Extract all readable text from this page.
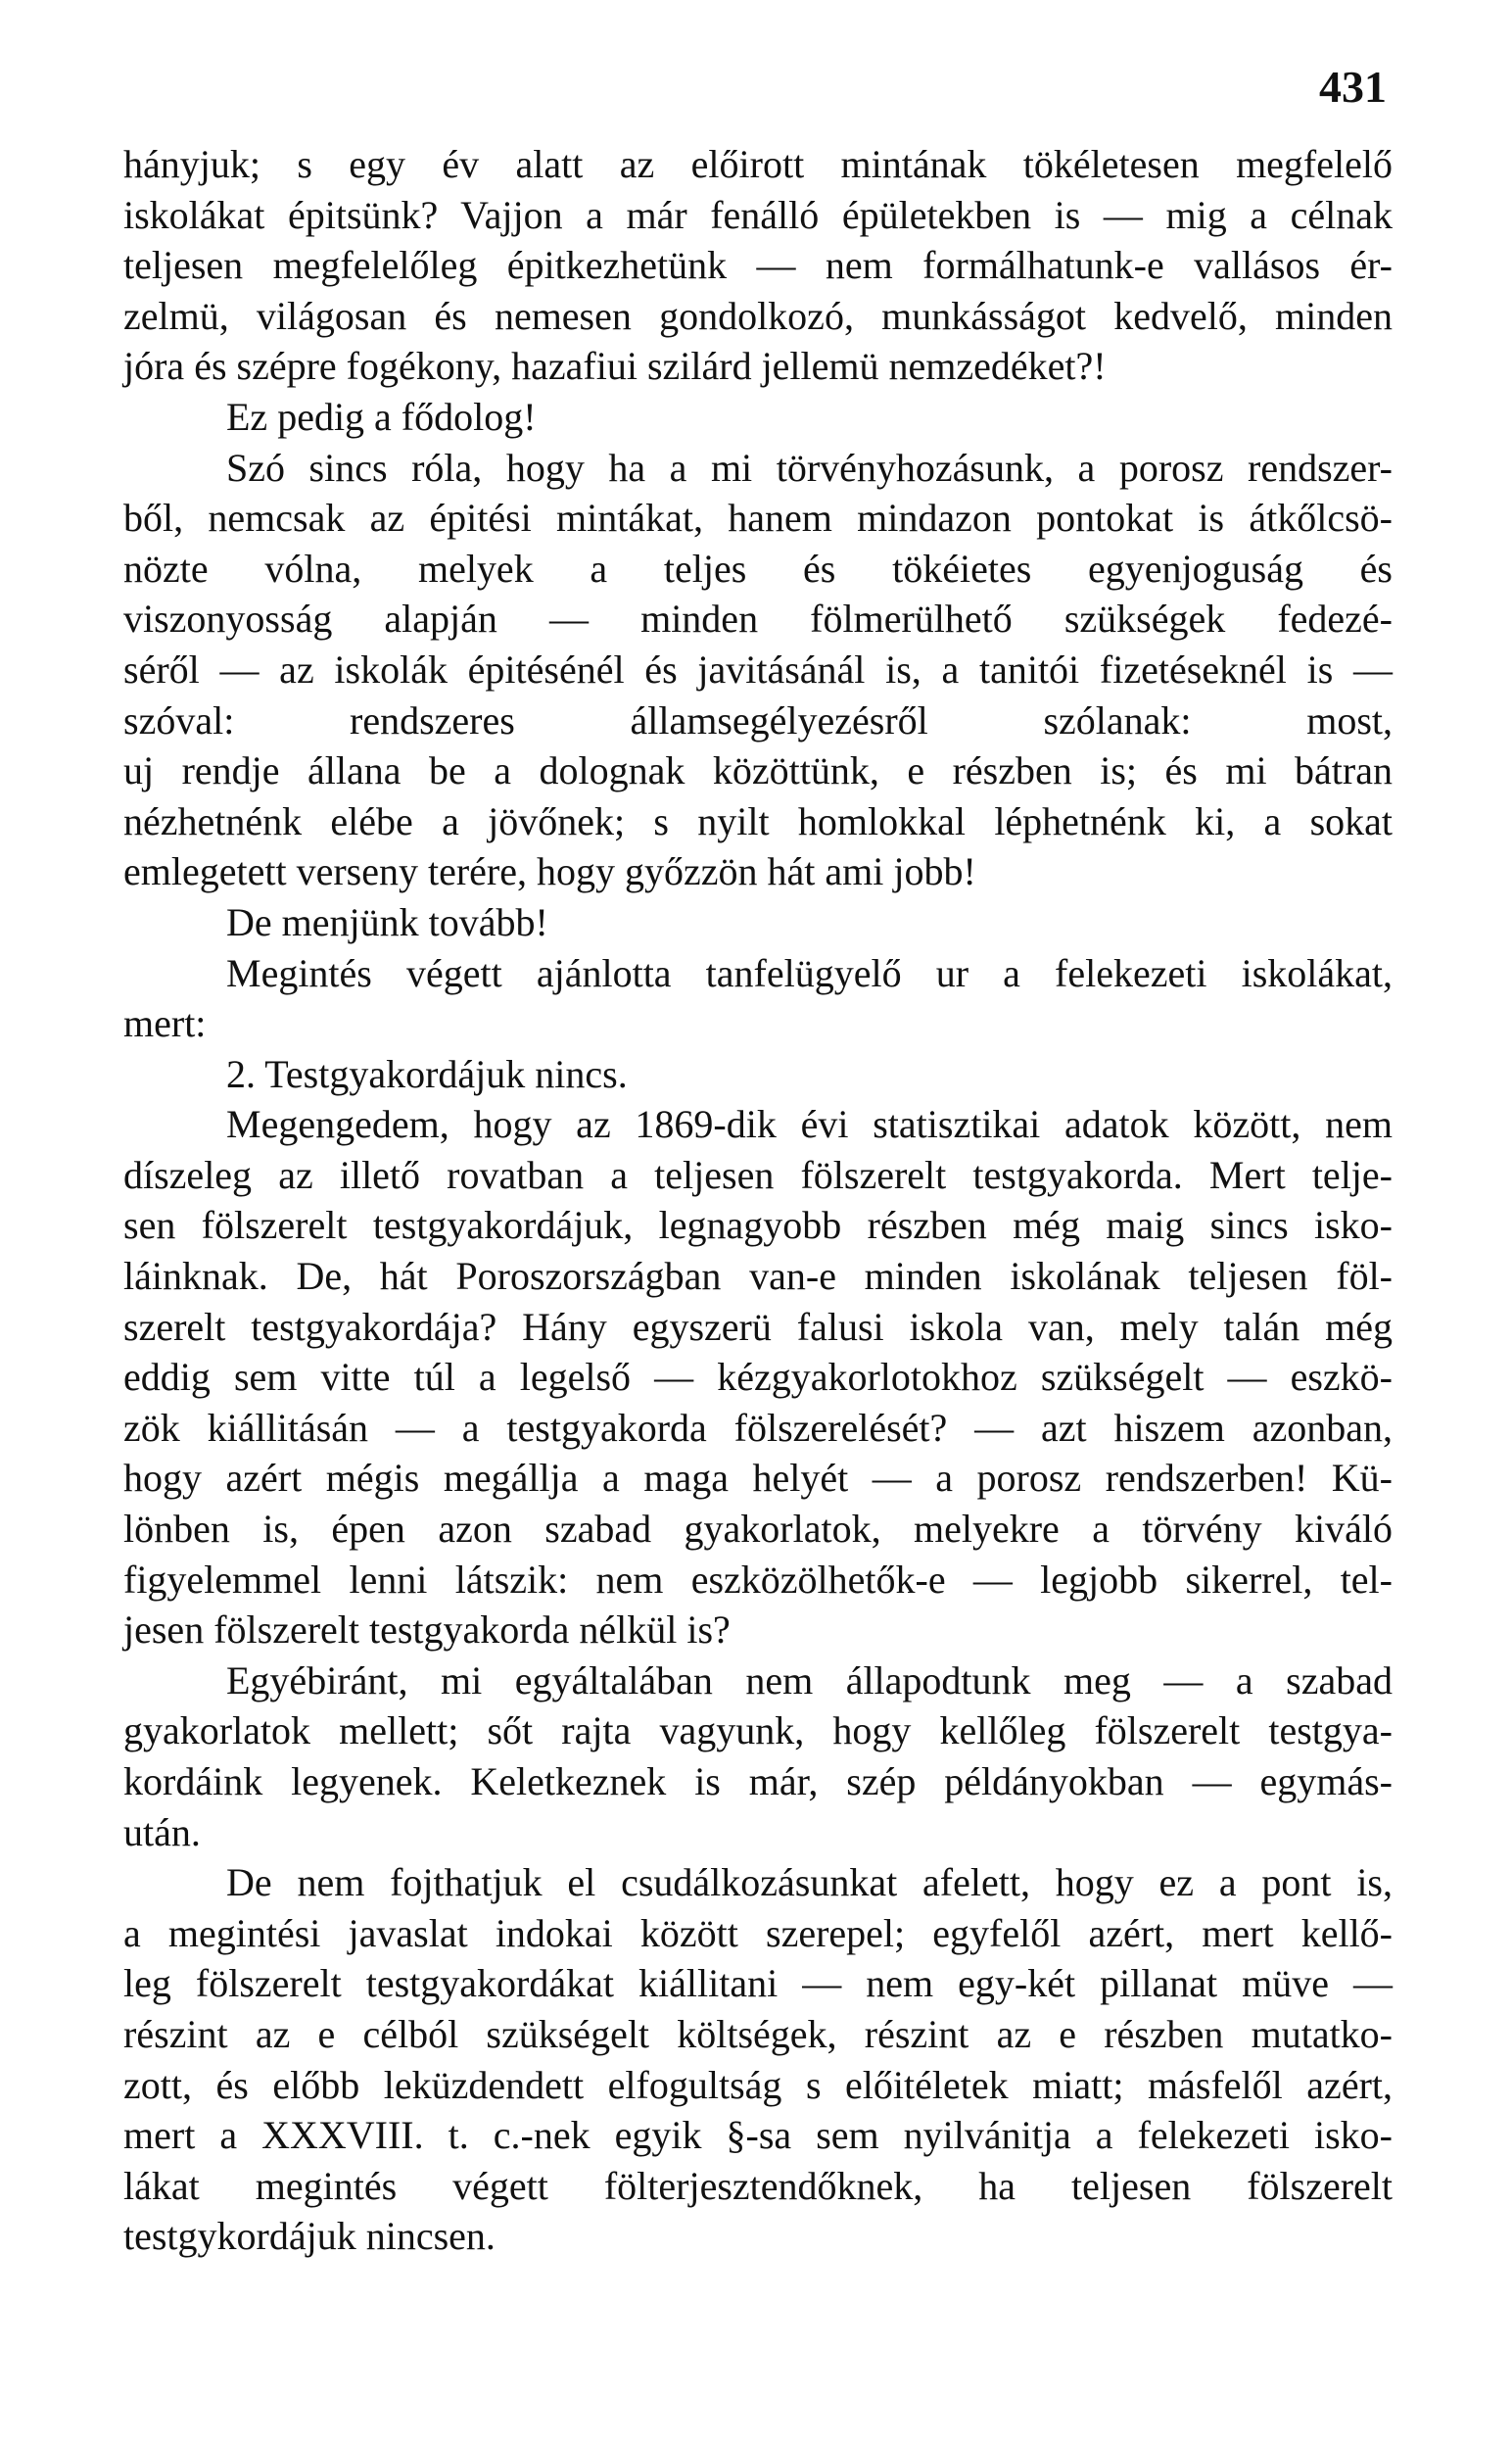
431
hányjuk; s egy év alatt az előirott mintának tökéletesen megfelelő
iskolákat épitsünk? Vajjon a már fenálló épületekben is — mig a célnak
teljesen megfelelőleg épitkezhetünk — nem formálhatunk-e vallásos ér-
zelmü, világosan és nemesen gondolkozó, munkásságot kedvelő, minden
jóra és szépre fogékony, hazafiui szilárd jellemü nemzedéket?!
Ez pedig a fődolog!
Szó sincs róla, hogy ha a mi törvényhozásunk, a porosz rendszer-
ből, nemcsak az épitési mintákat, hanem mindazon pontokat is átkőlcsö-
nözte vólna, melyek a teljes és tökéietes egyenjoguság és
viszonyosság alapján — minden fölmerülhető szükségek fedezé-
séről — az iskolák épitésénél és javitásánál is, a tanitói fizetéseknél is —
szóval: rendszeres államsegélyezésről szólanak: most,
uj rendje állana be a dolognak közöttünk, e részben is; és mi bátran
nézhetnénk elébe a jövőnek; s nyilt homlokkal léphetnénk ki, a sokat
emlegetett verseny terére, hogy győzzön hát ami jobb!
De menjünk tovább!
Megintés végett ajánlotta tanfelügyelő ur a felekezeti iskolákat,
mert:
2. Testgyakordájuk nincs.
Megengedem, hogy az 1869-dik évi statisztikai adatok között, nem
díszeleg az illető rovatban a teljesen fölszerelt testgyakorda. Mert telje-
sen fölszerelt testgyakordájuk, legnagyobb részben még maig sincs isko-
láinknak. De, hát Poroszországban van-e minden iskolának teljesen föl-
szerelt testgyakordája? Hány egyszerü falusi iskola van, mely talán még
eddig sem vitte túl a legelső — kézgyakorlotokhoz szükségelt — eszkö-
zök kiállitásán — a testgyakorda fölszerelését? — azt hiszem azonban,
hogy azért mégis megállja a maga helyét — a porosz rendszerben! Kü-
lönben is, épen azon szabad gyakorlatok, melyekre a törvény kiváló
figyelemmel lenni látszik: nem eszközölhetők-e — legjobb sikerrel, tel-
jesen fölszerelt testgyakorda nélkül is?
Egyébiránt, mi egyáltalában nem állapodtunk meg — a szabad
gyakorlatok mellett; sőt rajta vagyunk, hogy kellőleg fölszerelt testgya-
kordáink legyenek. Keletkeznek is már, szép példányokban — egymás-
után.
De nem fojthatjuk el csudálkozásunkat afelett, hogy ez a pont is,
a megintési javaslat indokai között szerepel; egyfelől azért, mert kellő-
leg fölszerelt testgyakordákat kiállitani — nem egy-két pillanat müve —
részint az e célból szükségelt költségek, részint az e részben mutatko-
zott, és előbb leküzdendett elfogultság s előitéletek miatt; másfelől azért,
mert a XXXVIII. t. c.-nek egyik §-sa sem nyilvánitja a felekezeti isko-
lákat megintés végett fölterjesztendőknek, ha teljesen fölszerelt
testgykordájuk nincsen.
